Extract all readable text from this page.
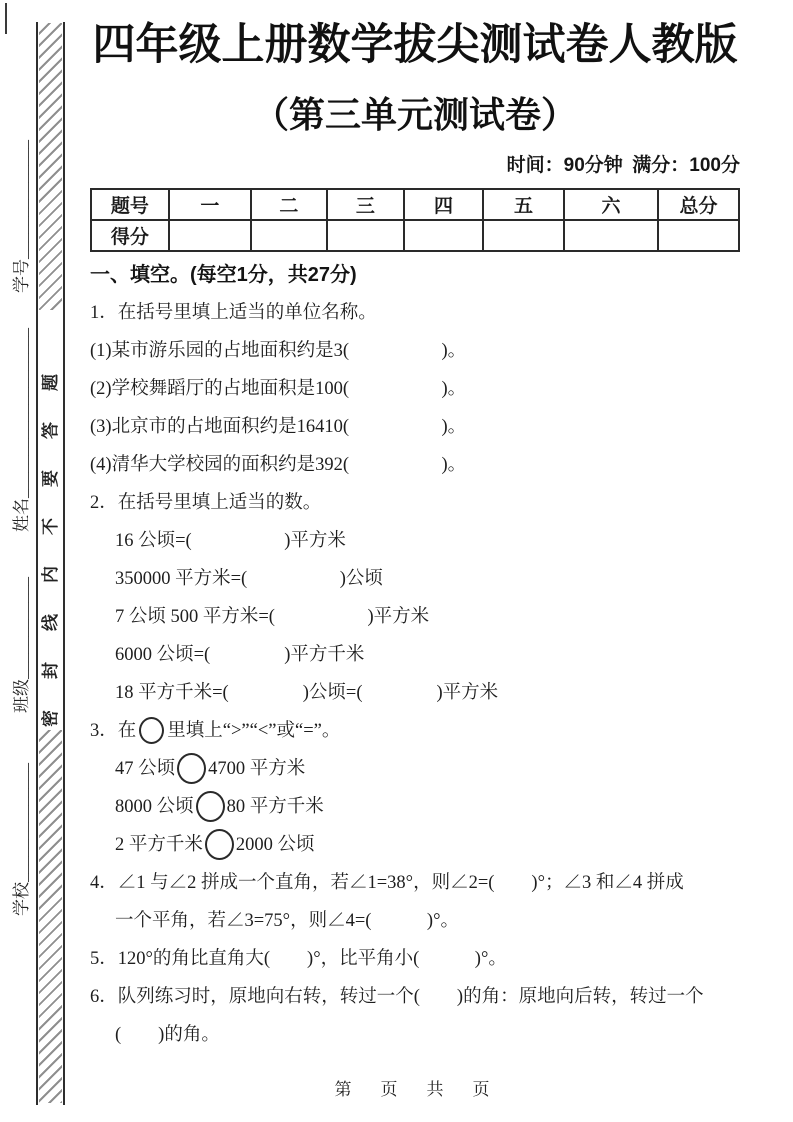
密封线内不要答题
学号______________
姓名____________________
班级____________
学校______________
四年级上册数学拔尖测试卷人教版
（第三单元测试卷）
时间：90分钟 满分：100分
题号	一	二	三	四	五	六	总分
得分							
一、填空。(每空1分，共27分)
1．在括号里填上适当的单位名称。
(1)某市游乐园的占地面积约是3(　　　　　)。
(2)学校舞蹈厅的占地面积是100(　　　　　)。
(3)北京市的占地面积约是16410(　　　　　)。
(4)清华大学校园的面积约是392(　　　　　)。
2．在括号里填上适当的数。
16 公顷=(　　　　　)平方米
350000 平方米=(　　　　　)公顷
7 公顷 500 平方米=(　　　　　)平方米
6000 公顷=(　　　　)平方千米
18 平方千米=(　　　　)公顷=(　　　　)平方米
3．在 里填上“>”“<”或“=”。
47 公顷 4700 平方米
8000 公顷 80 平方千米
2 平方千米 2000 公顷
4．∠1 与∠2 拼成一个直角，若∠1=38°，则∠2=(　　)°；∠3 和∠4 拼成
一个平角，若∠3=75°，则∠4=(　　　)°。
5．120°的角比直角大(　　)°，比平角小(　　　)°。
6．队列练习时，原地向右转，转过一个(　　)的角：原地向后转，转过一个
(　　)的角。
第　页　共　页
